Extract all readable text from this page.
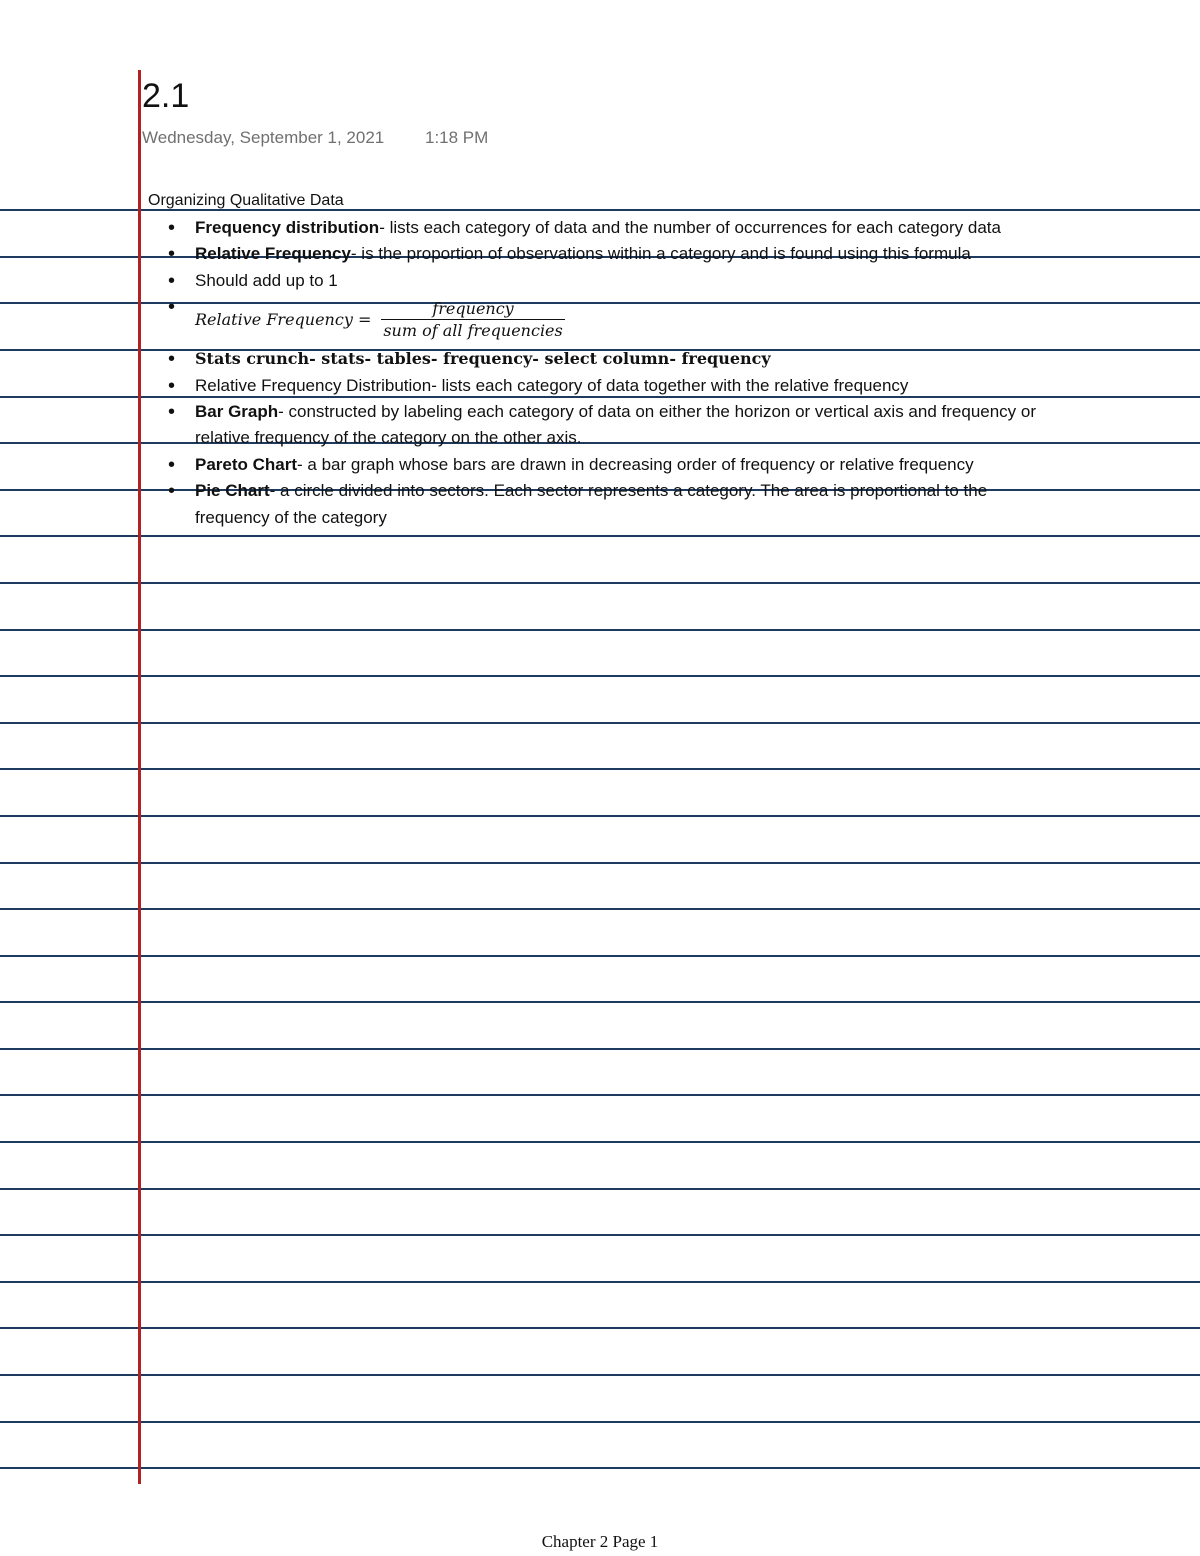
2.1
Wednesday, September 1, 2021 1:18 PM
Organizing Qualitative Data
• Frequency distribution- lists each category of data and the number of occurrences for each category data
• Relative Frequency- is the proportion of observations within a category and is found using this formula
• Should add up to 1
• Relative Frequency = $\frac{\text{frequency}}{\text{sum of all frequencies}}$
• Stats crunch- stats- tables- frequency- select column- frequency
• Relative Frequency Distribution- lists each category of data together with the relative frequency
• Bar Graph- constructed by labeling each category of data on either the horizon or vertical axis and frequency or relative frequency of the category on the other axis.
• Pareto Chart- a bar graph whose bars are drawn in decreasing order of frequency or relative frequency
• Pie Chart- a circle divided into sectors. Each sector represents a category. The area is proportional to the frequency of the category
Chapter 2 Page 1
